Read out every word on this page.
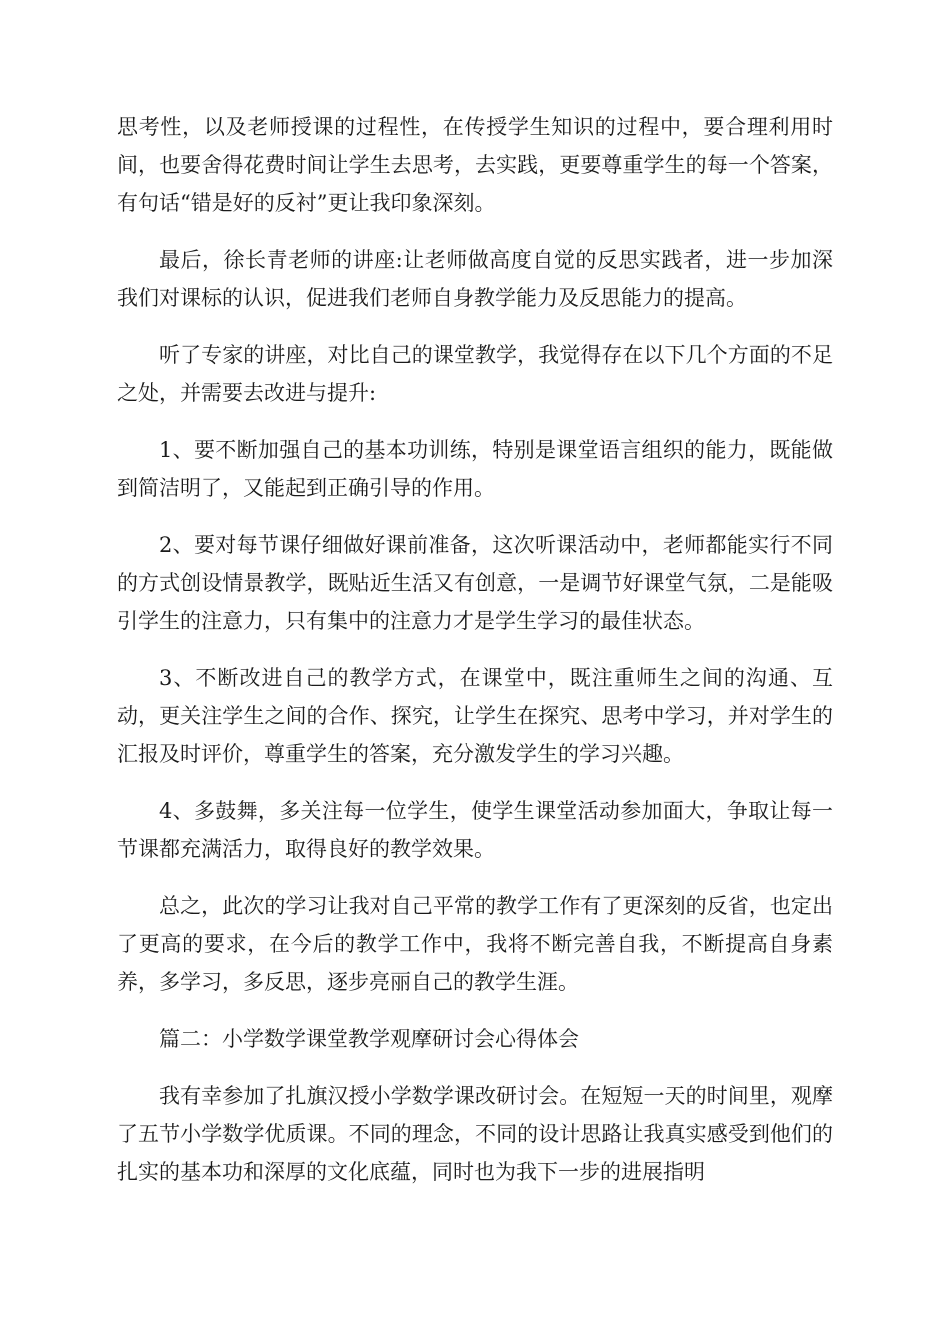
思考性，以及老师授课的过程性，在传授学生知识的过程中，要合理利用时间，也要舍得花费时间让学生去思考，去实践，更要尊重学生的每一个答案，有句话“错是好的反衬”更让我印象深刻。

最后，徐长青老师的讲座:让老师做高度自觉的反思实践者，进一步加深我们对课标的认识，促进我们老师自身教学能力及反思能力的提高。

听了专家的讲座，对比自己的课堂教学，我觉得存在以下几个方面的不足之处，并需要去改进与提升:

1、要不断加强自己的基本功训练，特别是课堂语言组织的能力，既能做到简洁明了，又能起到正确引导的作用。

2、要对每节课仔细做好课前准备，这次听课活动中，老师都能实行不同的方式创设情景教学，既贴近生活又有创意，一是调节好课堂气氛，二是能吸引学生的注意力，只有集中的注意力才是学生学习的最佳状态。

3、不断改进自己的教学方式，在课堂中，既注重师生之间的沟通、互动，更关注学生之间的合作、探究，让学生在探究、思考中学习，并对学生的汇报及时评价，尊重学生的答案，充分激发学生的学习兴趣。

4、多鼓舞，多关注每一位学生，使学生课堂活动参加面大，争取让每一节课都充满活力，取得良好的教学效果。

总之，此次的学习让我对自己平常的教学工作有了更深刻的反省，也定出了更高的要求，在今后的教学工作中，我将不断完善自我，不断提高自身素养，多学习，多反思，逐步亮丽自己的教学生涯。

篇二：小学数学课堂教学观摩研讨会心得体会

我有幸参加了扎旗汉授小学数学课改研讨会。在短短一天的时间里，观摩了五节小学数学优质课。不同的理念，不同的设计思路让我真实感受到他们的扎实的基本功和深厚的文化底蕴，同时也为我下一步的进展指明
